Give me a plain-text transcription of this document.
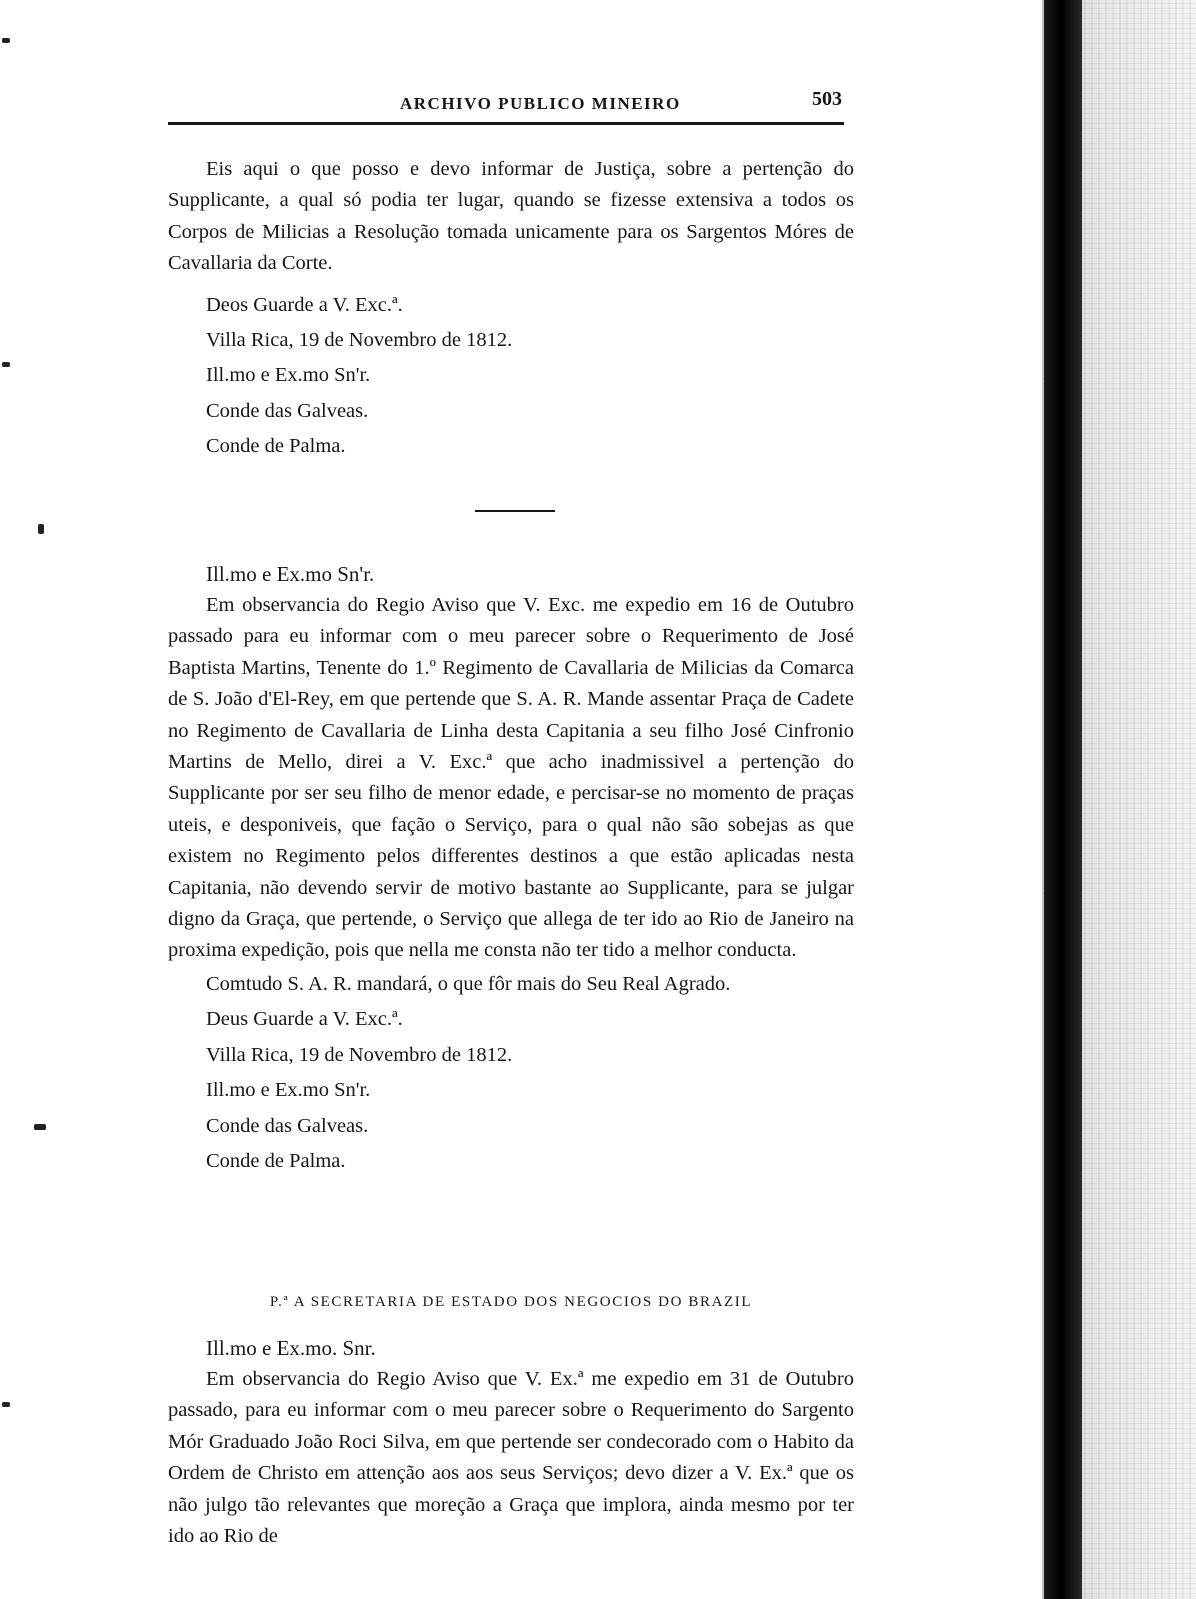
ARCHIVO PUBLICO MINEIRO	503

Eis aqui o que posso e devo informar de Justiça, sobre a pertenção do Supplicante, a qual só podia ter lugar, quando se fizesse extensiva a todos os Corpos de Milicias a Resolução tomada unicamente para os Sargentos Móres de Cavallaria da Corte.

Deos Guarde a V. Exc.ª.

Villa Rica, 19 de Novembro de 1812.

Ill.mo e Ex.mo Sn'r.

Conde das Galveas.

Conde de Palma.

Ill.mo e Ex.mo Sn'r.

Em observancia do Regio Aviso que V. Exc. me expedio em 16 de Outubro passado para eu informar com o meu parecer sobre o Requerimento de José Baptista Martins, Tenente do 1.º Regimento de Cavallaria de Milicias da Comarca de S. João d'El-Rey, em que pertende que S. A. R. Mande assentar Praça de Cadete no Regimento de Cavallaria de Linha desta Capitania a seu filho José Cinfronio Martins de Mello, direi a V. Exc.ª que acho inadmissivel a pertenção do Supplicante por ser seu filho de menor edade, e percisar-se no momento de praças uteis, e desponiveis, que fação o Serviço, para o qual não são sobejas as que existem no Regimento pelos differentes destinos a que estão aplicadas nesta Capitania, não devendo servir de motivo bastante ao Supplicante, para se julgar digno da Graça, que pertende, o Serviço que allega de ter ido ao Rio de Janeiro na proxima expedição, pois que nella me consta não ter tido a melhor conducta.

Comtudo S. A. R. mandará, o que fôr mais do Seu Real Agrado.

Deus Guarde a V. Exc.ª.

Villa Rica, 19 de Novembro de 1812.

Ill.mo e Ex.mo Sn'r.

Conde das Galveas.

Conde de Palma.

P.ª A SECRETARIA DE ESTADO DOS NEGOCIOS DO BRAZIL

Ill.mo e Ex.mo. Snr.

Em observancia do Regio Aviso que V. Ex.ª me expedio em 31 de Outubro passado, para eu informar com o meu parecer sobre o Requerimento do Sargento Mór Graduado João Roci Silva, em que pertende ser condecorado com o Habito da Ordem de Christo em attenção aos aos seus Serviços; devo dizer a V. Ex.ª que os não julgo tão relevantes que moreção a Graça que implora, ainda mesmo por ter ido ao Rio de
